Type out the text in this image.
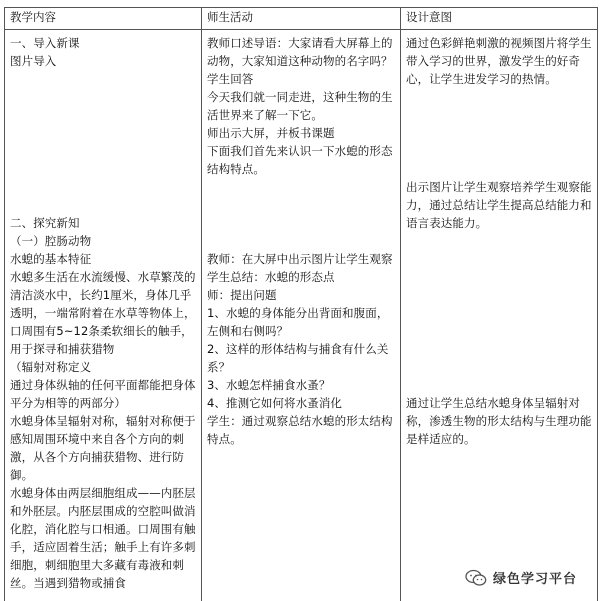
教学内容	师生活动	设计意图
一、导入新课
图片导入

二、探究新知
（一）腔肠动物
水螅的基本特征
水螅多生活在水流缓慢、水草繁茂的清洁淡水中，长约1厘米，身体几乎透明，一端常附着在水草等物体上，口周围有5~12条柔软细长的触手，用于探寻和捕获猎物
（辐射对称定义
通过身体纵轴的任何平面都能把身体平分为相等的两部分）
水螅身体呈辐射对称，辐射对称便于感知周围环境中来自各个方向的刺激，从各个方向捕获猎物、进行防御。
水螅身体由两层细胞组成——内胚层和外胚层。内胚层围成的空腔叫做消化腔，消化腔与口相通。口周围有触手，适应固着生活；触手上有许多刺细胞，刺细胞里大多藏有毒液和刺丝。当遇到猎物或捕食
教师口述导语：大家请看大屏幕上的动物，大家知道这种动物的名字吗？学生回答
今天我们就一同走进，这种生物的生活世界来了解一下它。
师出示大屏，并板书课题
下面我们首先来认识一下水螅的形态结构特点。

教师：在大屏中出示图片让学生观察
学生总结：水螅的形态点
师：提出问题
1、水螅的身体能分出背面和腹面，左侧和右侧吗？
2、这样的形体结构与捕食有什么关系？
3、水螅怎样捕食水蚤？
4、推测它如何将水蚤消化
学生：通过观察总结水螅的形太结构特点。
通过色彩鲜艳刺激的视频图片将学生带入学习的世界，激发学生的好奇心，让学生进发学习的热情。

出示图片让学生观察培养学生观察能力，通过总结让学生提高总结能力和语言表达能力。

通过让学生总结水螅身体呈辐射对称，渗透生物的形太结构与生理功能是样适应的。
绿色学习平台
